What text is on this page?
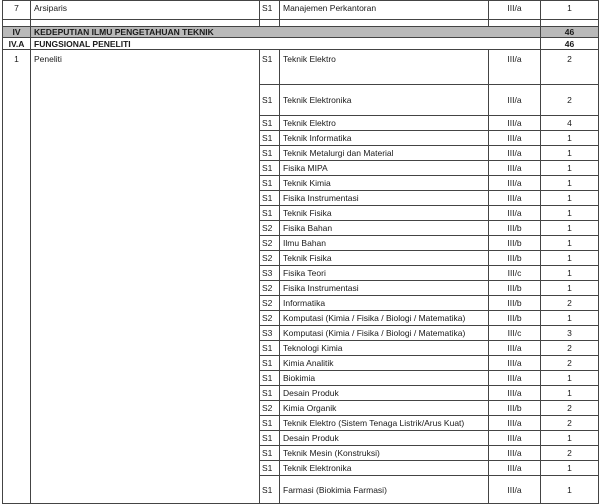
7	Arsiparis	S1	Manajemen Perkantoran	III/a	1

IV	KEDEPUTIAN ILMU PENGETAHUAN TEKNIK				46
IV.A	FUNGSIONAL PENELITI				46
1	Peneliti	S1	Teknik Elektro	III/a	2
		S1	Teknik Elektronika	III/a	2
		S1	Teknik Elektro	III/a	4
		S1	Teknik Informatika	III/a	1
		S1	Teknik Metalurgi dan Material	III/a	1
		S1	Fisika MIPA	III/a	1
		S1	Teknik Kimia	III/a	1
		S1	Fisika Instrumentasi	III/a	1
		S1	Teknik Fisika	III/a	1
		S2	Fisika Bahan	III/b	1
		S2	Ilmu Bahan	III/b	1
		S2	Teknik Fisika	III/b	1
		S3	Fisika Teori	III/c	1
		S2	Fisika Instrumentasi	III/b	1
		S2	Informatika	III/b	2
		S2	Komputasi (Kimia / Fisika / Biologi / Matematika)	III/b	1
		S3	Komputasi (Kimia / Fisika / Biologi / Matematika)	III/c	3
		S1	Teknologi Kimia	III/a	2
		S1	Kimia Analitik	III/a	2
		S1	Biokimia	III/a	1
		S1	Desain Produk	III/a	1
		S2	Kimia Organik	III/b	2
		S1	Teknik Elektro (Sistem Tenaga Listrik/Arus Kuat)	III/a	2
		S1	Desain Produk	III/a	1
		S1	Teknik Mesin (Konstruksi)	III/a	2
		S1	Teknik Elektronika	III/a	1
		S1	Farmasi (Biokimia Farmasi)	III/a	1
